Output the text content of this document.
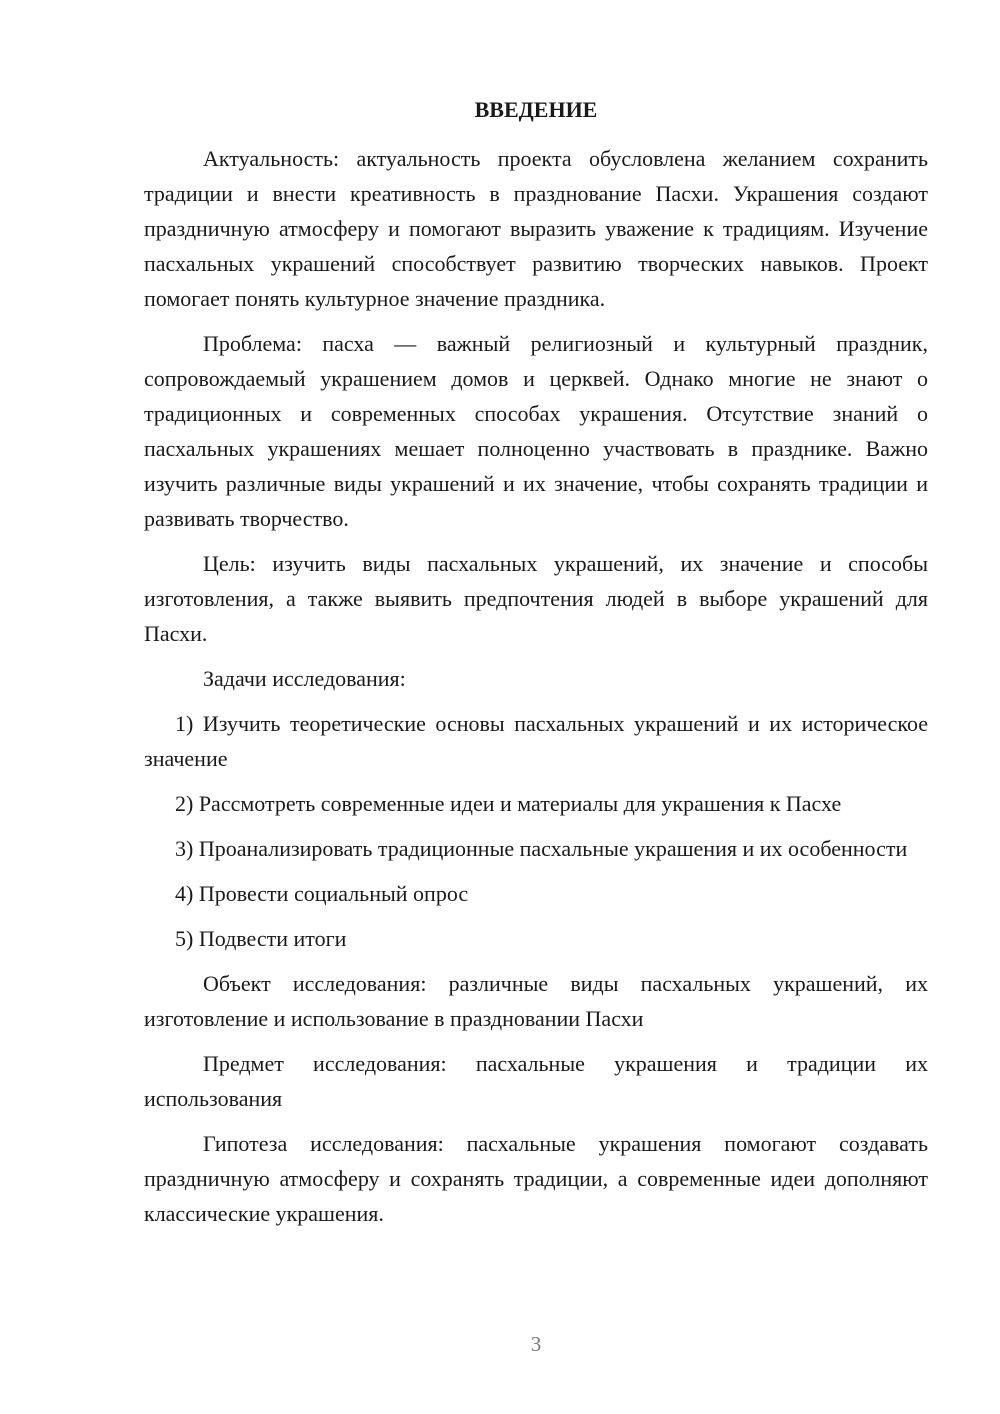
ВВЕДЕНИЕ

Актуальность: актуальность проекта обусловлена желанием сохранить традиции и внести креативность в празднование Пасхи. Украшения создают праздничную атмосферу и помогают выразить уважение к традициям. Изучение пасхальных украшений способствует развитию творческих навыков. Проект помогает понять культурное значение праздника.

Проблема: пасха — важный религиозный и культурный праздник, сопровождаемый украшением домов и церквей. Однако многие не знают о традиционных и современных способах украшения. Отсутствие знаний о пасхальных украшениях мешает полноценно участвовать в празднике. Важно изучить различные виды украшений и их значение, чтобы сохранять традиции и развивать творчество.

Цель: изучить виды пасхальных украшений, их значение и способы изготовления, а также выявить предпочтения людей в выборе украшений для Пасхи.

Задачи исследования:

1) Изучить теоретические основы пасхальных украшений и их историческое значение

2) Рассмотреть современные идеи и материалы для украшения к Пасхе

3) Проанализировать традиционные пасхальные украшения и их особенности

4) Провести социальный опрос

5) Подвести итоги

Объект исследования: различные виды пасхальных украшений, их изготовление и использование в праздновании Пасхи

Предмет исследования: пасхальные украшения и традиции их использования

Гипотеза исследования: пасхальные украшения помогают создавать праздничную атмосферу и сохранять традиции, а современные идеи дополняют классические украшения.

3
